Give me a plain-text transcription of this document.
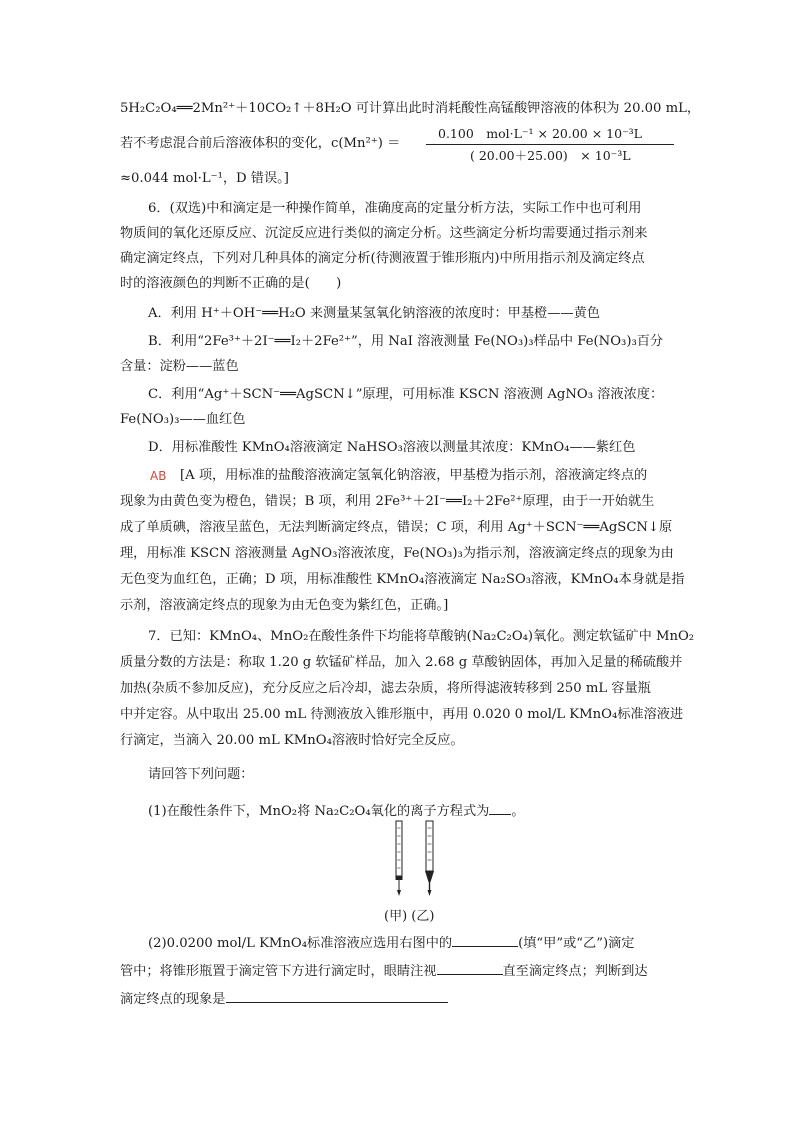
5H₂C₂O₄══2Mn²⁺＋10CO₂↑＋8H₂O 可计算出此时消耗酸性高锰酸钾溶液的体积为 20.00 mL，
若不考虑混合前后溶液体积的变化，c(Mn²⁺) ＝
0.100　mol·L⁻¹ × 20.00 × 10⁻³L
( 20.00＋25.00)　× 10⁻³L
≈0.044 mol·L⁻¹，D 错误。]
6．(双选)中和滴定是一种操作简单，准确度高的定量分析方法，实际工作中也可利用
物质间的氧化还原反应、沉淀反应进行类似的滴定分析。这些滴定分析均需要通过指示剂来
确定滴定终点，下列对几种具体的滴定分析(待测液置于锥形瓶内)中所用指示剂及滴定终点
时的溶液颜色的判断不正确的是(　　)
A．利用 H⁺＋OH⁻══H₂O 来测量某氢氧化钠溶液的浓度时：甲基橙——黄色
B．利用“2Fe³⁺＋2I⁻══I₂＋2Fe²⁺”，用 NaI 溶液测量 Fe(NO₃)₃样品中 Fe(NO₃)₃百分
含量：淀粉——蓝色
C．利用“Ag⁺＋SCN⁻══AgSCN↓”原理，可用标准 KSCN 溶液测 AgNO₃ 溶液浓度：
Fe(NO₃)₃——血红色
D．用标准酸性 KMnO₄溶液滴定 NaHSO₃溶液以测量其浓度：KMnO₄——紫红色
AB [A 项，用标准的盐酸溶液滴定氢氧化钠溶液，甲基橙为指示剂，溶液滴定终点的
现象为由黄色变为橙色，错误；B 项，利用 2Fe³⁺＋2I⁻══I₂＋2Fe²⁺原理，由于一开始就生
成了单质碘，溶液呈蓝色，无法判断滴定终点，错误；C 项，利用 Ag⁺＋SCN⁻══AgSCN↓原
理，用标准 KSCN 溶液测量 AgNO₃溶液浓度，Fe(NO₃)₃为指示剂，溶液滴定终点的现象为由
无色变为血红色，正确；D 项，用标准酸性 KMnO₄溶液滴定 Na₂SO₃溶液，KMnO₄本身就是指
示剂，溶液滴定终点的现象为由无色变为紫红色，正确。]
7．已知：KMnO₄、MnO₂在酸性条件下均能将草酸钠(Na₂C₂O₄)氧化。测定软锰矿中 MnO₂
质量分数的方法是：称取 1.20 g 软锰矿样品，加入 2.68 g 草酸钠固体，再加入足量的稀硫酸并
加热(杂质不参加反应)，充分反应之后冷却，滤去杂质，将所得滤液转移到 250 mL 容量瓶
中并定容。从中取出 25.00 mL 待测液放入锥形瓶中，再用 0.020 0 mol/L KMnO₄标准溶液进
行滴定，当滴入 20.00 mL KMnO₄溶液时恰好完全反应。
请回答下列问题：
(1)在酸性条件下，MnO₂将 Na₂C₂O₄氧化的离子方程式为 。
(甲) (乙)
(2)0.0200 mol/L KMnO₄标准溶液应选用右图中的	(填“甲”或“乙”)滴定
管中；将锥形瓶置于滴定管下方进行滴定时，眼睛注视	直至滴定终点；判断到达
滴定终点的现象是
